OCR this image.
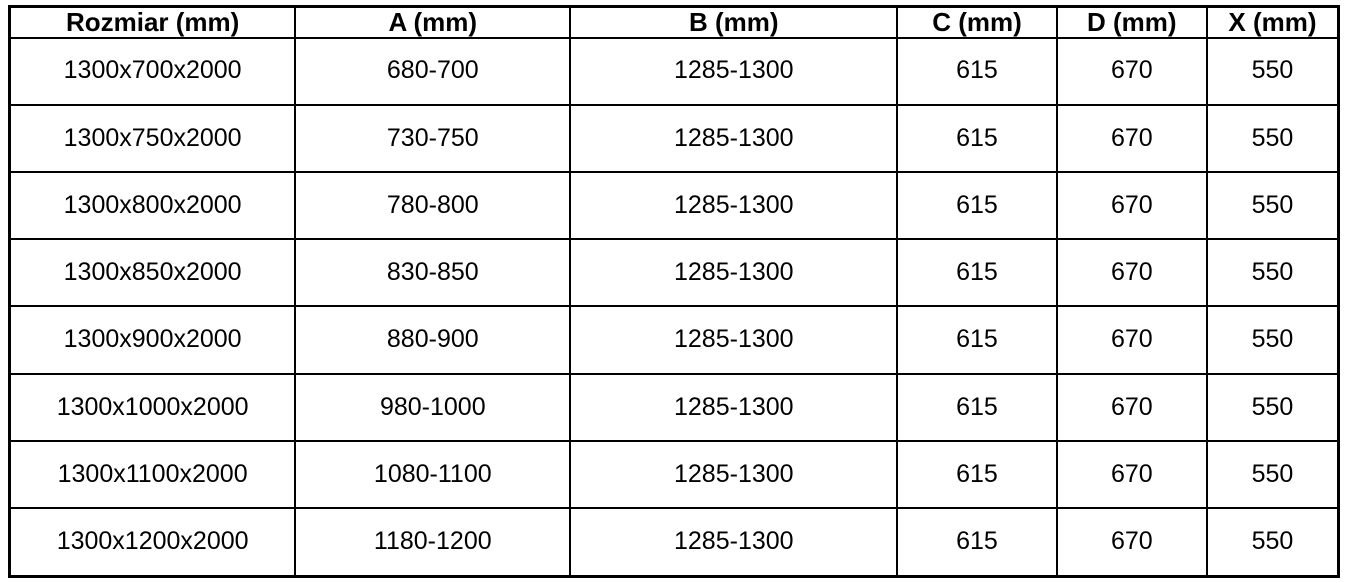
Rozmiar (mm)	A (mm)	B (mm)	C (mm)	D (mm)	X (mm)
1300x700x2000	680-700	1285-1300	615	670	550
1300x750x2000	730-750	1285-1300	615	670	550
1300x800x2000	780-800	1285-1300	615	670	550
1300x850x2000	830-850	1285-1300	615	670	550
1300x900x2000	880-900	1285-1300	615	670	550
1300x1000x2000	980-1000	1285-1300	615	670	550
1300x1100x2000	1080-1100	1285-1300	615	670	550
1300x1200x2000	1180-1200	1285-1300	615	670	550
